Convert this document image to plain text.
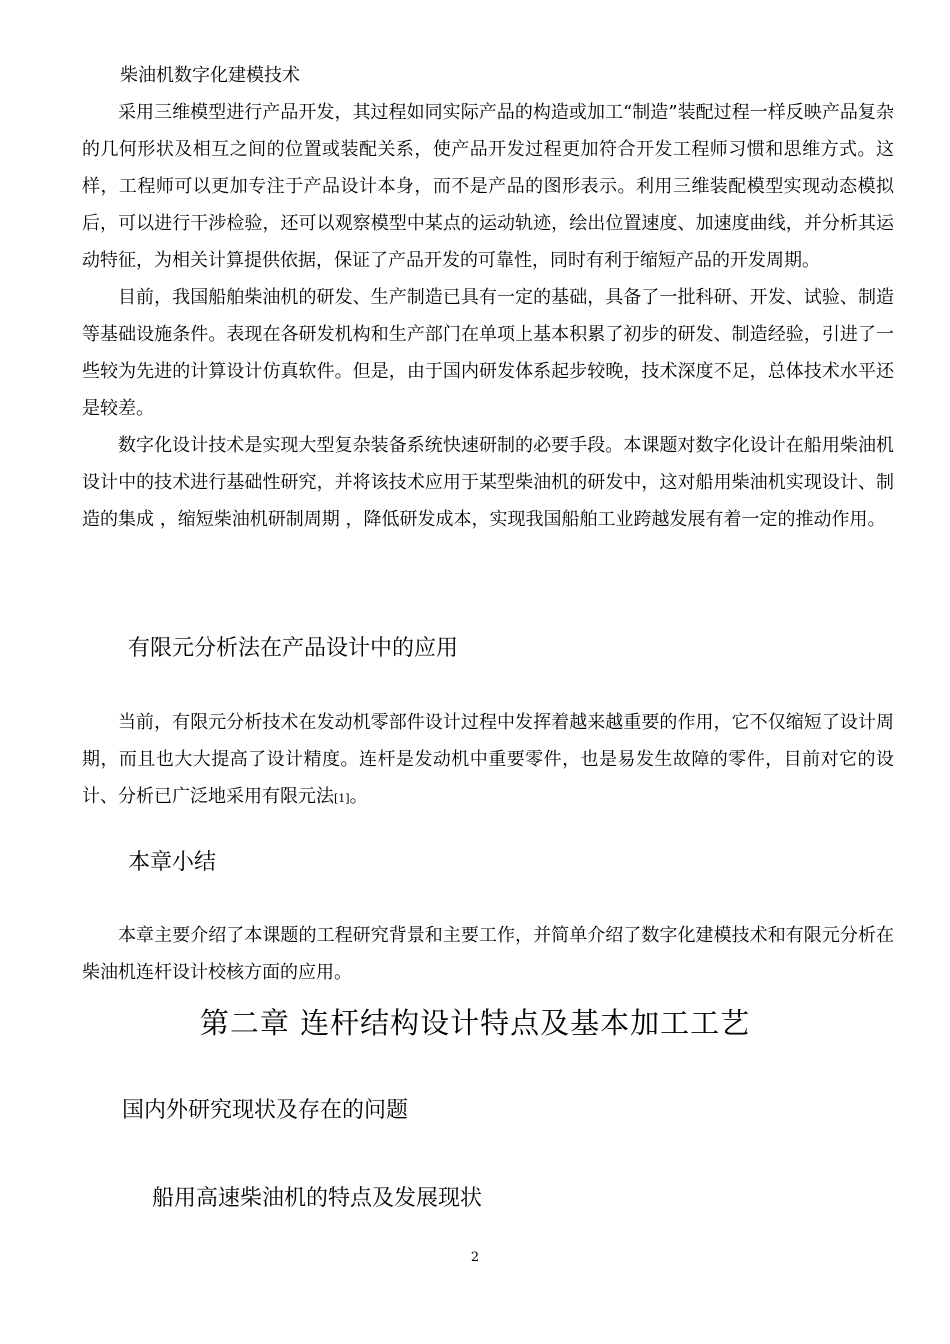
柴油机数字化建模技术

采用三维模型进行产品开发，其过程如同实际产品的构造或加工“制造”装配过程一样反映产品复杂的几何形状及相互之间的位置或装配关系，使产品开发过程更加符合开发工程师习惯和思维方式。这样，工程师可以更加专注于产品设计本身，而不是产品的图形表示。利用三维装配模型实现动态模拟后，可以进行干涉检验，还可以观察模型中某点的运动轨迹，绘出位置速度、加速度曲线，并分析其运动特征，为相关计算提供依据，保证了产品开发的可靠性，同时有利于缩短产品的开发周期。

目前，我国船舶柴油机的研发、生产制造已具有一定的基础，具备了一批科研、开发、试验、制造等基础设施条件。表现在各研发机构和生产部门在单项上基本积累了初步的研发、制造经验，引进了一些较为先进的计算设计仿真软件。但是，由于国内研发体系起步较晚，技术深度不足，总体技术水平还是较差。

数字化设计技术是实现大型复杂装备系统快速研制的必要手段。本课题对数字化设计在船用柴油机设计中的技术进行基础性研究，并将该技术应用于某型柴油机的研发中，这对船用柴油机实现设计、制造的集成 ，缩短柴油机研制周期 ，降低研发成本，实现我国船舶工业跨越发展有着一定的推动作用。

有限元分析法在产品设计中的应用

当前，有限元分析技术在发动机零部件设计过程中发挥着越来越重要的作用，它不仅缩短了设计周期，而且也大大提高了设计精度。连杆是发动机中重要零件，也是易发生故障的零件，目前对它的设计、分析已广泛地采用有限元法[1]。

本章小结

本章主要介绍了本课题的工程研究背景和主要工作，并简单介绍了数字化建模技术和有限元分析在柴油机连杆设计校核方面的应用。

第二章 连杆结构设计特点及基本加工工艺
国内外研究现状及存在的问题
船用高速柴油机的特点及发展现状
2
